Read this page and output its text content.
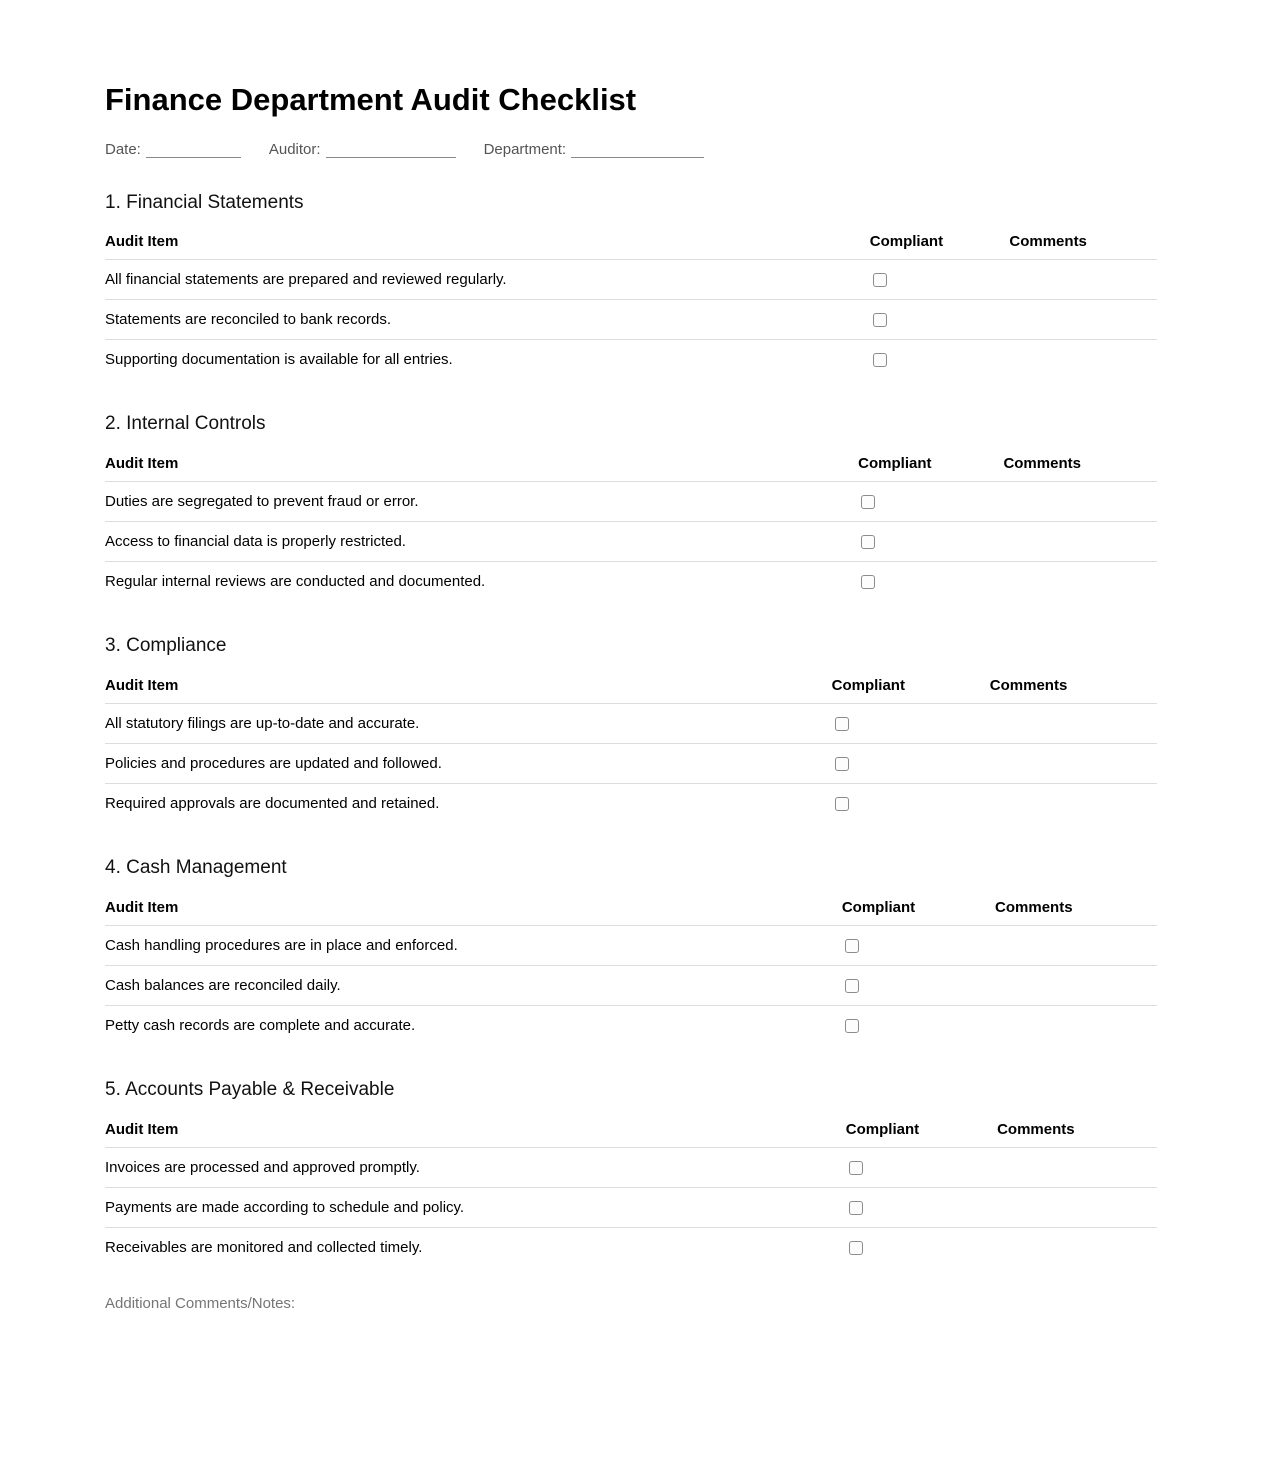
Finance Department Audit Checklist
Date:	Auditor:	Department:
1. Financial Statements
Audit Item	Compliant	Comments
All financial statements are prepared and reviewed regularly.		
Statements are reconciled to bank records.		
Supporting documentation is available for all entries.		
2. Internal Controls
Audit Item	Compliant	Comments
Duties are segregated to prevent fraud or error.		
Access to financial data is properly restricted.		
Regular internal reviews are conducted and documented.		
3. Compliance
Audit Item	Compliant	Comments
All statutory filings are up-to-date and accurate.		
Policies and procedures are updated and followed.		
Required approvals are documented and retained.		
4. Cash Management
Audit Item	Compliant	Comments
Cash handling procedures are in place and enforced.		
Cash balances are reconciled daily.		
Petty cash records are complete and accurate.		
5. Accounts Payable & Receivable
Audit Item	Compliant	Comments
Invoices are processed and approved promptly.		
Payments are made according to schedule and policy.		
Receivables are monitored and collected timely.		
Additional Comments/Notes:
